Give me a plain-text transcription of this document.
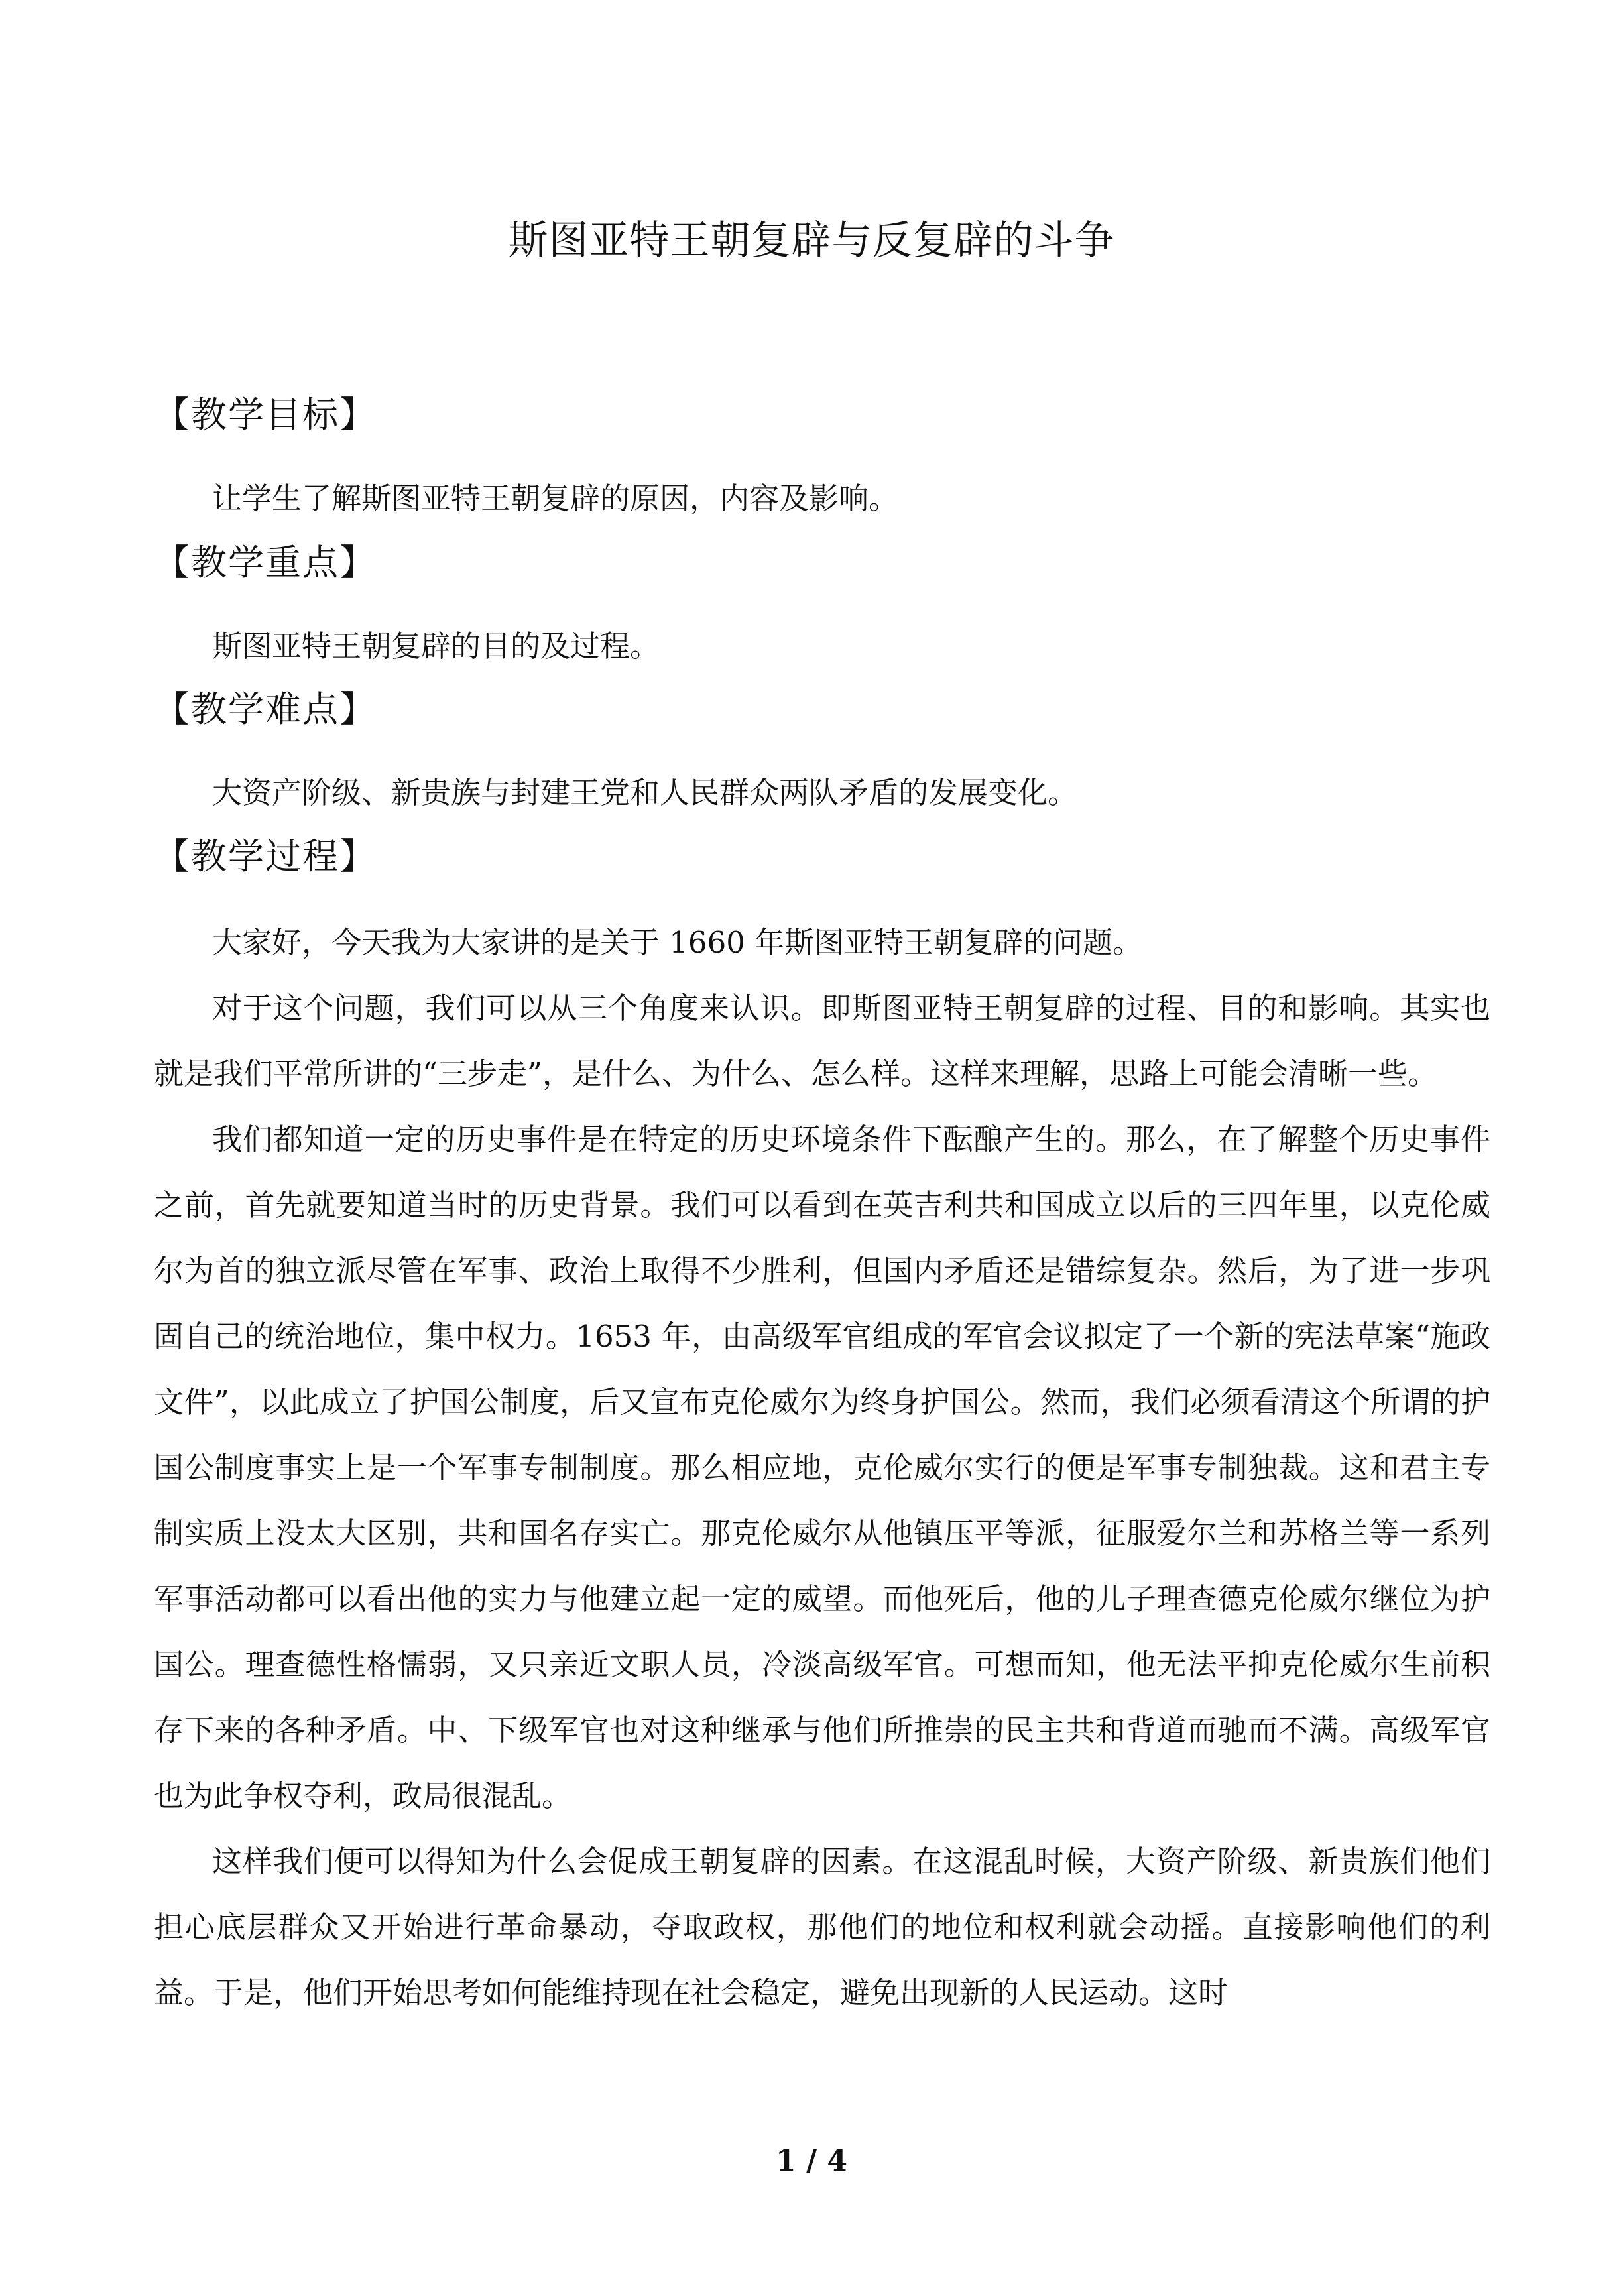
斯图亚特王朝复辟与反复辟的斗争
【教学目标】
让学生了解斯图亚特王朝复辟的原因，内容及影响。
【教学重点】
斯图亚特王朝复辟的目的及过程。
【教学难点】
大资产阶级、新贵族与封建王党和人民群众两队矛盾的发展变化。
【教学过程】

大家好，今天我为大家讲的是关于 1660 年斯图亚特王朝复辟的问题。

对于这个问题，我们可以从三个角度来认识。即斯图亚特王朝复辟的过程、目的和影响。其实也就是我们平常所讲的“三步走”，是什么、为什么、怎么样。这样来理解，思路上可能会清晰一些。

我们都知道一定的历史事件是在特定的历史环境条件下酝酿产生的。那么，在了解整个历史事件之前，首先就要知道当时的历史背景。我们可以看到在英吉利共和国成立以后的三四年里，以克伦威尔为首的独立派尽管在军事、政治上取得不少胜利，但国内矛盾还是错综复杂。然后，为了进一步巩固自己的统治地位，集中权力。1653 年，由高级军官组成的军官会议拟定了一个新的宪法草案“施政文件”，以此成立了护国公制度，后又宣布克伦威尔为终身护国公。然而，我们必须看清这个所谓的护国公制度事实上是一个军事专制制度。那么相应地，克伦威尔实行的便是军事专制独裁。这和君主专制实质上没太大区别，共和国名存实亡。那克伦威尔从他镇压平等派，征服爱尔兰和苏格兰等一系列军事活动都可以看出他的实力与他建立起一定的威望。而他死后，他的儿子理查德克伦威尔继位为护国公。理查德性格懦弱，又只亲近文职人员，冷淡高级军官。可想而知，他无法平抑克伦威尔生前积存下来的各种矛盾。中、下级军官也对这种继承与他们所推崇的民主共和背道而驰而不满。高级军官也为此争权夺利，政局很混乱。

这样我们便可以得知为什么会促成王朝复辟的因素。在这混乱时候，大资产阶级、新贵族们他们担心底层群众又开始进行革命暴动，夺取政权，那他们的地位和权利就会动摇。直接影响他们的利益。于是，他们开始思考如何能维持现在社会稳定，避免出现新的人民运动。这时

1 / 4
